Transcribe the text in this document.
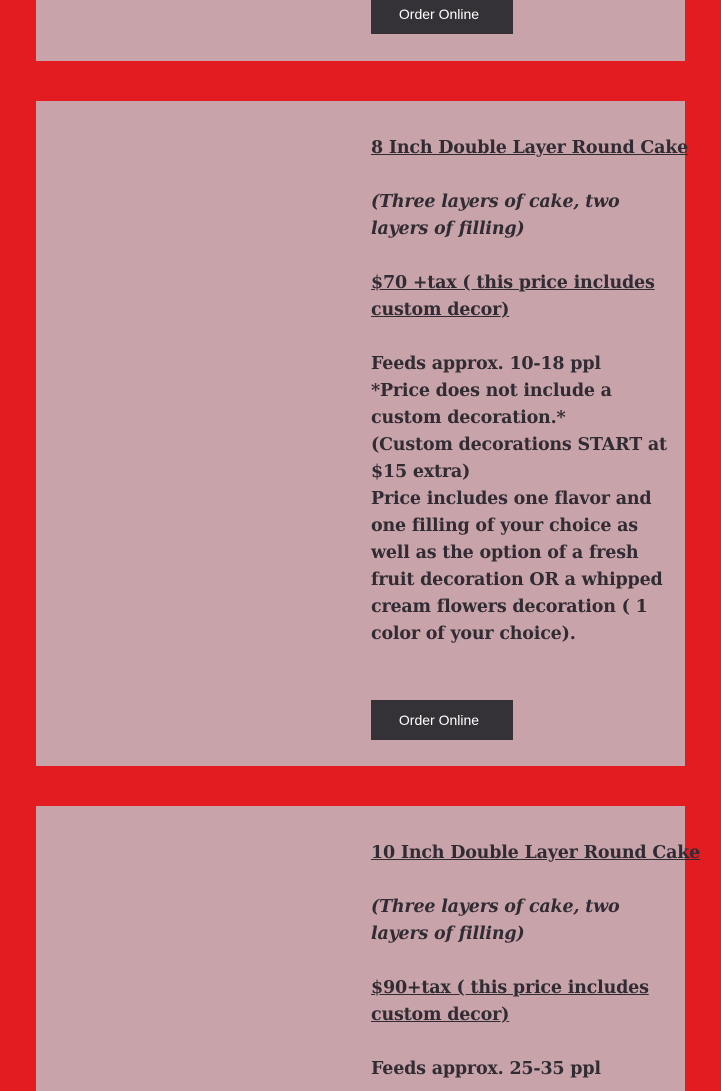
Order Online

8 Inch Double Layer Round Cake

(Three layers of cake, two layers of filling)

$70 +tax ( this price includes custom decor)

Feeds approx. 10-18 ppl

*Price does not include a custom decoration.*

(Custom decorations START at $15 extra)

Price includes one flavor and one filling of your choice as well as the option of a fresh fruit decoration OR a whipped cream flowers decoration ( 1 color of your choice).

Order Online

10 Inch Double Layer Round Cake

(Three layers of cake, two layers of filling)

$90+tax ( this price includes custom decor)

Feeds approx. 25-35 ppl
